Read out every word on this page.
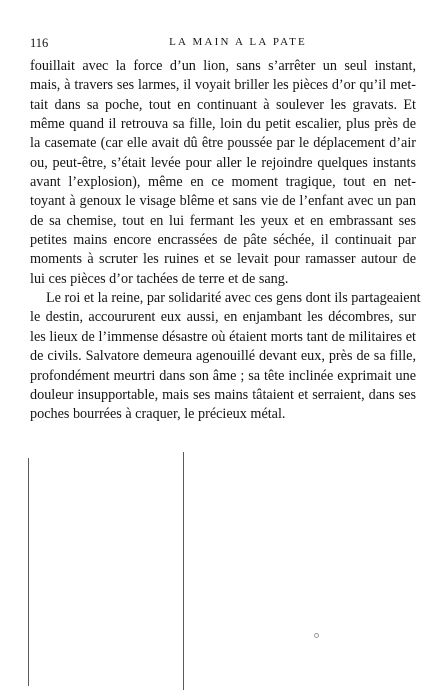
116	LA MAIN A LA PATE
fouillait avec la force d’un lion, sans s’arrêter un seul instant,
mais, à travers ses larmes, il voyait briller les pièces d’or qu’il met-
tait dans sa poche, tout en continuant à soulever les gravats. Et
même quand il retrouva sa fille, loin du petit escalier, plus près de
la casemate (car elle avait dû être poussée par le déplacement d’air
ou, peut-être, s’était levée pour aller le rejoindre quelques instants
avant l’explosion), même en ce moment tragique, tout en net-
toyant à genoux le visage blême et sans vie de l’enfant avec un pan
de sa chemise, tout en lui fermant les yeux et en embrassant ses
petites mains encore encrassées de pâte séchée, il continuait par
moments à scruter les ruines et se levait pour ramasser autour de
lui ces pièces d’or tachées de terre et de sang.
Le roi et la reine, par solidarité avec ces gens dont ils partageaient
le destin, accoururent eux aussi, en enjambant les décombres, sur
les lieux de l’immense désastre où étaient morts tant de militaires et
de civils. Salvatore demeura agenouillé devant eux, près de sa fille,
profondément meurtri dans son âme ; sa tête inclinée exprimait une
douleur insupportable, mais ses mains tâtaient et serraient, dans ses
poches bourrées à craquer, le précieux métal.
